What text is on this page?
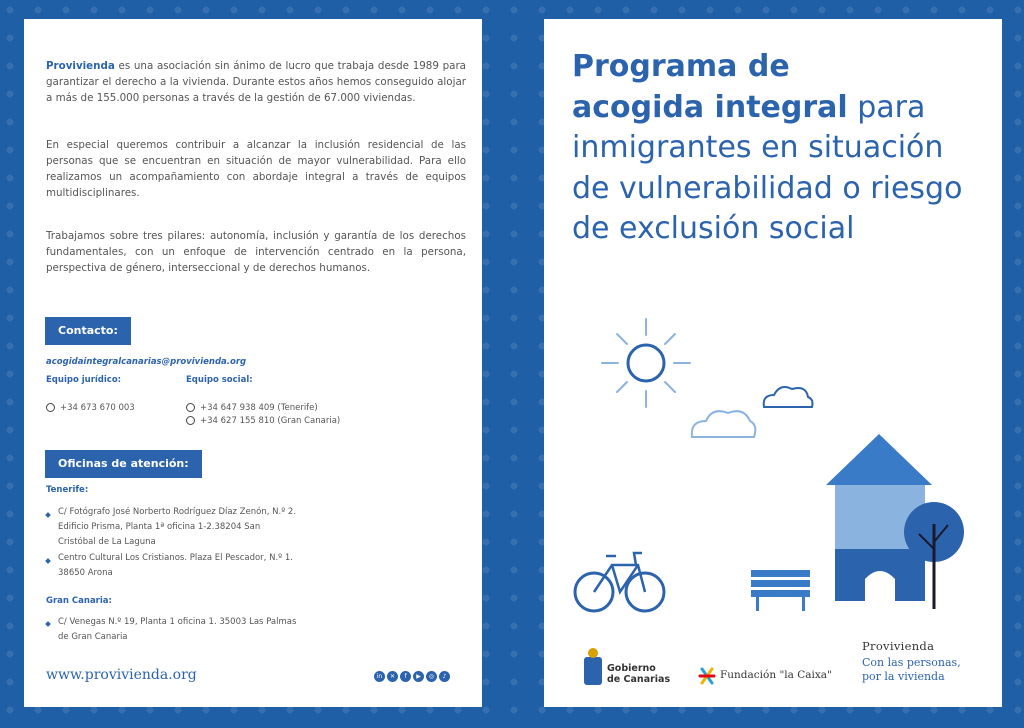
Provivienda es una asociación sin ánimo de lucro que trabaja desde 1989 para garantizar el derecho a la vivienda. Durante estos años hemos conseguido alojar a más de 155.000 personas a través de la gestión de 67.000 viviendas.

En especial queremos contribuir a alcanzar la inclusión residencial de las personas que se encuentran en situación de mayor vulnerabilidad. Para ello realizamos un acompañamiento con abordaje integral a través de equipos multidisciplinares.

Trabajamos sobre tres pilares: autonomía, inclusión y garantía de los derechos fundamentales, con un enfoque de intervención centrado en la persona, perspectiva de género, interseccional y de derechos humanos.

Contacto:
acogidaintegralcanarias@provivienda.org
Equipo jurídico:	Equipo social:
+34 673 670 003	+34 647 938 409 (Tenerife)
+34 627 155 810 (Gran Canaria)
Oficinas de atención:
Tenerife:
C/ Fotógrafo José Norberto Rodríguez Díaz Zenón, N.º 2. Edificio Prisma, Planta 1ª oficina 1-2.38204 San Cristóbal de La Laguna
Centro Cultural Los Cristianos. Plaza El Pescador, N.º 1. 38650 Arona
Gran Canaria:
C/ Venegas N.º 19, Planta 1 oficina 1. 35003 Las Palmas de Gran Canaria
www.provivienda.org	in	✕	f	▶	◎	♪

Programa de
acogida integral para inmigrantes en situación de vulnerabilidad o riesgo de exclusión social

Gobierno
de Canarias	Fundación "la Caixa"
Provivienda
Con las personas,
por la vivienda
